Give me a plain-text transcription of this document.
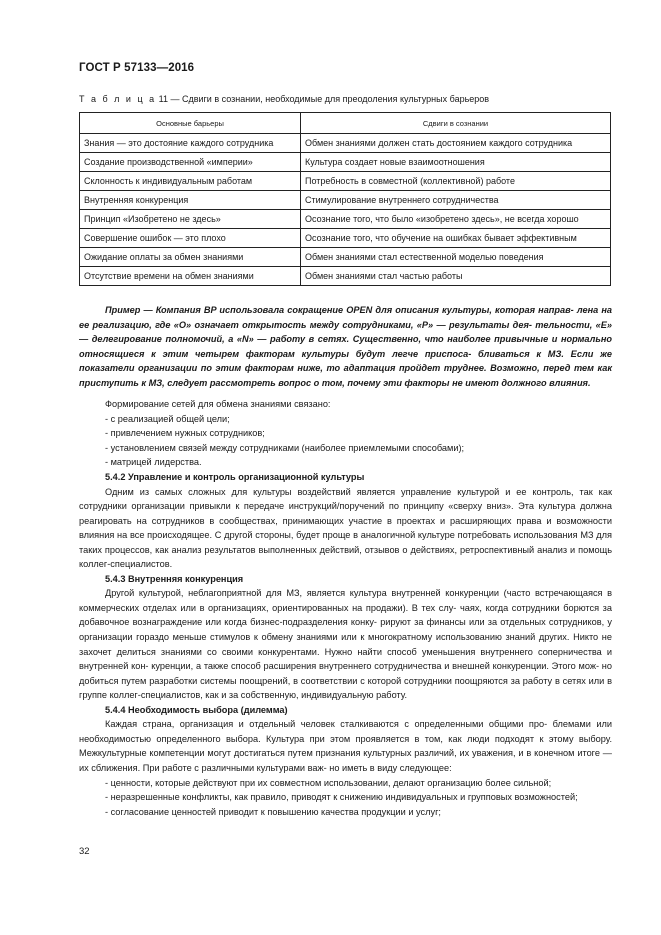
ГОСТ Р 57133—2016
Т а б л и ц а 11 — Сдвиги в сознании, необходимые для преодоления культурных барьеров
Основные барьеры	Сдвиги в сознании
Знания — это достояние каждого сотрудника	Обмен знаниями должен стать достоянием каждого сотрудника
Создание производственной «империи»	Культура создает новые взаимоотношения
Склонность к индивидуальным работам	Потребность в совместной (коллективной) работе
Внутренняя конкуренция	Стимулирование внутреннего сотрудничества
Принцип «Изобретено не здесь»	Осознание того, что было «изобретено здесь», не всегда хорошо
Совершение ошибок — это плохо	Осознание того, что обучение на ошибках бывает эффективным
Ожидание оплаты за обмен знаниями	Обмен знаниями стал естественной моделью поведения
Отсутствие времени на обмен знаниями	Обмен знаниями стал частью работы

Пример — Компания BP использовала сокращение OPEN для описания культуры, которая направ- лена на ее реализацию, где «O» означает открытость между сотрудниками, «P» — результаты дея- тельности, «E» — делегирование полномочий, а «N» — работу в сетях. Существенно, что наиболее привычные и нормально относящиеся к этим четырем факторам культуры будут легче приспоса- бливаться к МЗ. Если же показатели организации по этим факторам ниже, то адаптация пройдет труднее. Возможно, перед тем как приступить к МЗ, следует рассмотреть вопрос о том, почему эти факторы не имеют должного влияния.

Формирование сетей для обмена знаниями связано:

- с реализацией общей цели;

- привлечением нужных сотрудников;

- установлением связей между сотрудниками (наиболее приемлемыми способами);

- матрицей лидерства.

5.4.2 Управление и контроль организационной культуры

Одним из самых сложных для культуры воздействий является управление культурой и ее контроль, так как сотрудники организации привыкли к передаче инструкций/поручений по принципу «сверху вниз». Эта культура должна реагировать на сотрудников в сообществах, принимающих участие в проектах и расширяющих права и возможности влияния на все происходящее. С другой стороны, будет проще в аналогичной культуре потребовать использования МЗ для таких процессов, как анализ результатов выполненных действий, отзывов о действиях, ретроспективный анализ и помощь коллег-специалистов.

5.4.3 Внутренняя конкуренция

Другой культурой, неблагоприятной для МЗ, является культура внутренней конкуренции (часто встречающаяся в коммерческих отделах или в организациях, ориентированных на продажи). В тех слу- чаях, когда сотрудники борются за добавочное вознаграждение или когда бизнес-подразделения конку- рируют за финансы или за отдельных сотрудников, у организации гораздо меньше стимулов к обмену знаниями или к многократному использованию знаний других. Никто не захочет делиться знаниями со своими конкурентами. Нужно найти способ уменьшения внутреннего соперничества и внутренней кон- куренции, а также способ расширения внутреннего сотрудничества и внешней конкуренции. Этого мож- но добиться путем разработки системы поощрений, в соответствии с которой сотрудники поощряются за работу в сетях или в группе коллег-специалистов, как и за собственную, индивидуальную работу.

5.4.4 Необходимость выбора (дилемма)

Каждая страна, организация и отдельный человек сталкиваются с определенными общими про- блемами или необходимостью определенного выбора. Культура при этом проявляется в том, как люди подходят к этому выбору. Межкультурные компетенции могут достигаться путем признания культурных различий, их уважения, и в конечном итоге — их сближения. При работе с различными культурами важ- но иметь в виду следующее:

- ценности, которые действуют при их совместном использовании, делают организацию более сильной;

- неразрешенные конфликты, как правило, приводят к снижению индивидуальных и групповых возможностей;

- согласование ценностей приводит к повышению качества продукции и услуг;

32
